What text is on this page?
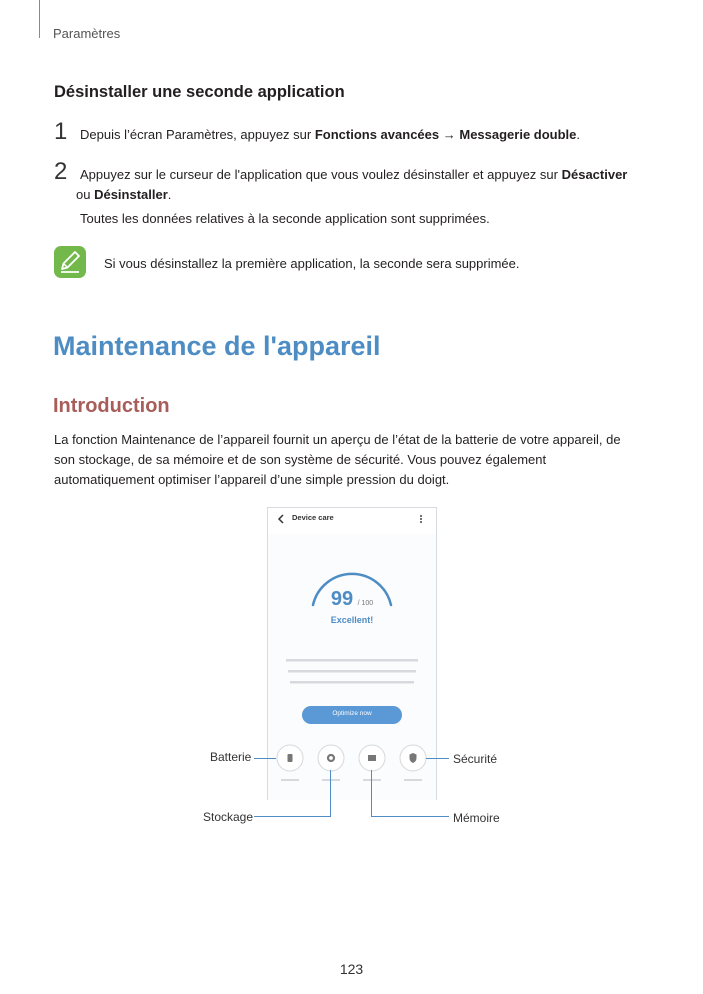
Paramètres
Désinstaller une seconde application
1 Depuis l’écran Paramètres, appuyez sur Fonctions avancées → Messagerie double.
2 Appuyez sur le curseur de l'application que vous voulez désinstaller et appuyez sur Désactiver
ou Désinstaller.
Toutes les données relatives à la seconde application sont supprimées.
Si vous désinstallez la première application, la seconde sera supprimée.
Maintenance de l'appareil
Introduction
La fonction Maintenance de l’appareil fournit un aperçu de l’état de la batterie de votre appareil, de son stockage, de sa mémoire et de son système de sécurité. Vous pouvez également automatiquement optimiser l’appareil d’une simple pression du doigt.
Device care
99 / 100
Excellent!
Optimize now
Batterie	Sécurité
Stockage	Mémoire
123
